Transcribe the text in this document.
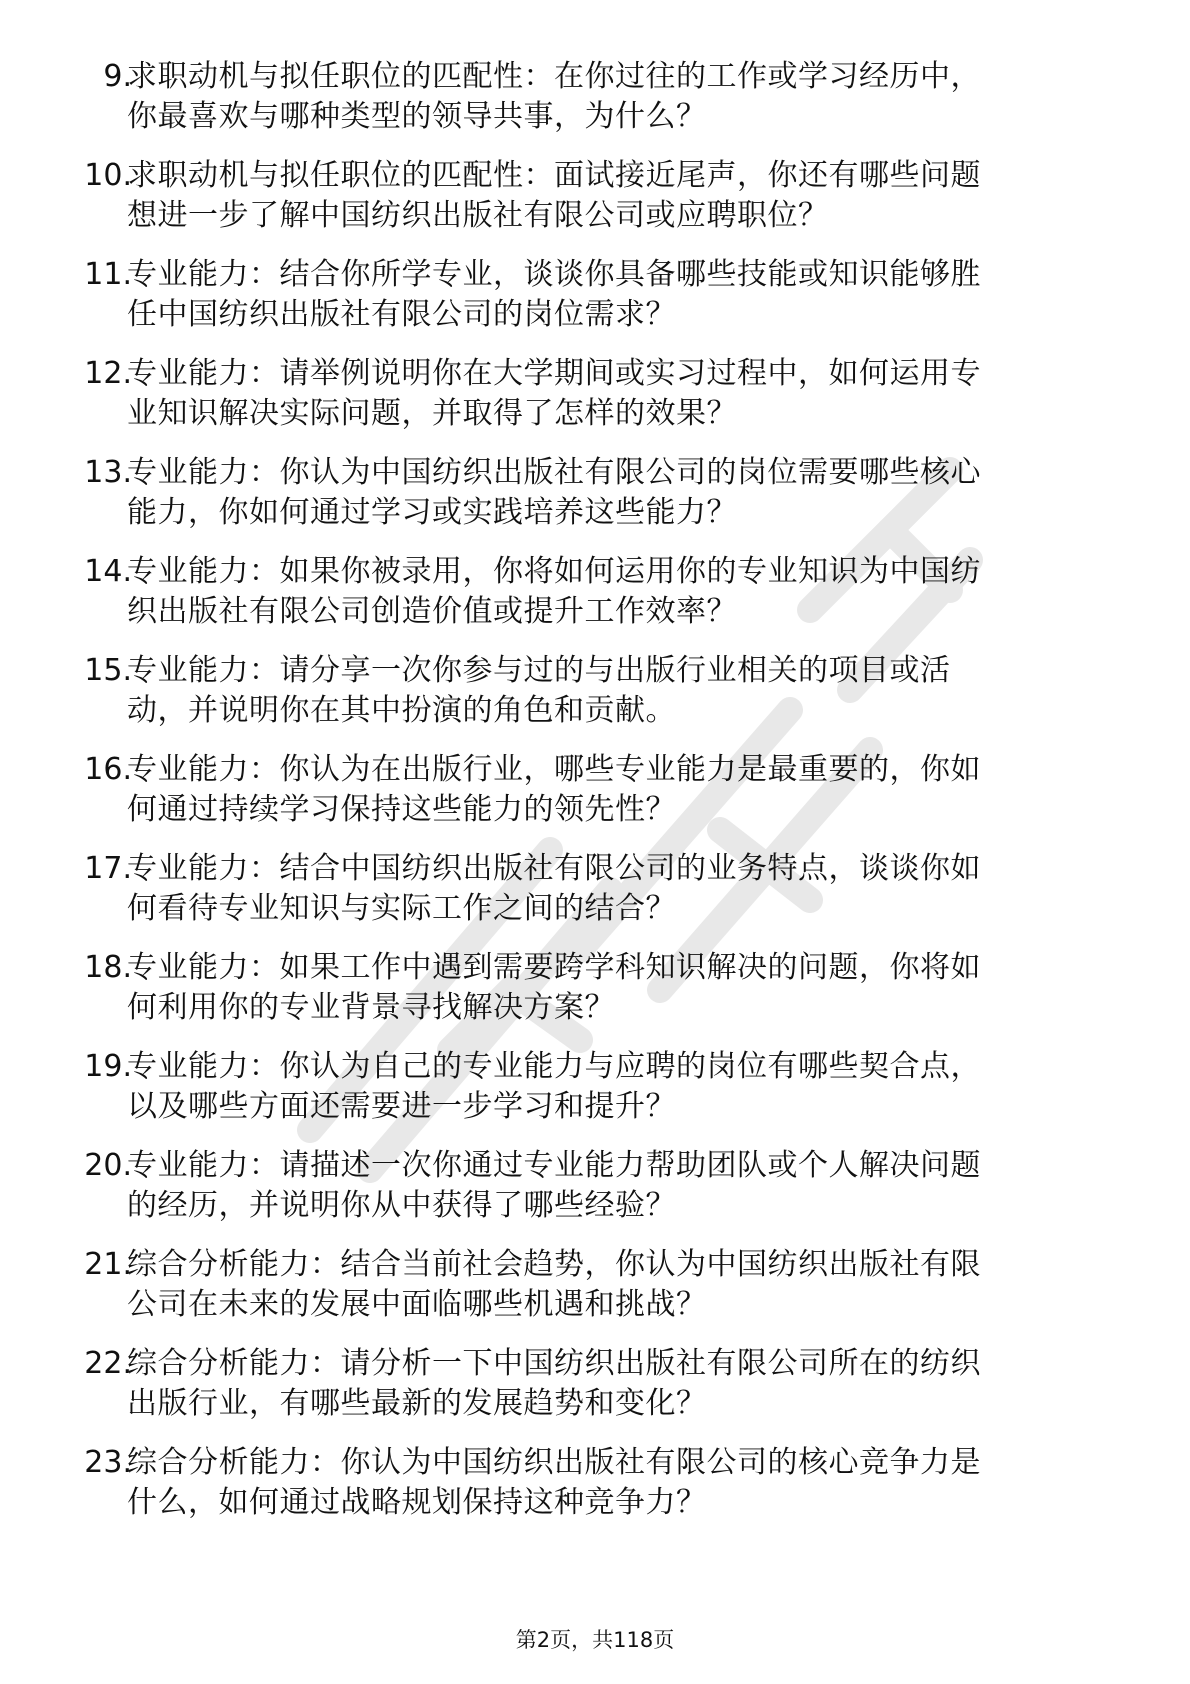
9.
求职动机与拟任职位的匹配性：在你过往的工作或学习经历中，
你最喜欢与哪种类型的领导共事，为什么？
10.
求职动机与拟任职位的匹配性：面试接近尾声，你还有哪些问题
想进一步了解中国纺织出版社有限公司或应聘职位？
11.
专业能力：结合你所学专业，谈谈你具备哪些技能或知识能够胜
任中国纺织出版社有限公司的岗位需求？
12.
专业能力：请举例说明你在大学期间或实习过程中，如何运用专
业知识解决实际问题，并取得了怎样的效果？
13.
专业能力：你认为中国纺织出版社有限公司的岗位需要哪些核心
能力，你如何通过学习或实践培养这些能力？
14.
专业能力：如果你被录用，你将如何运用你的专业知识为中国纺
织出版社有限公司创造价值或提升工作效率？
15.
专业能力：请分享一次你参与过的与出版行业相关的项目或活
动，并说明你在其中扮演的角色和贡献。
16.
专业能力：你认为在出版行业，哪些专业能力是最重要的，你如
何通过持续学习保持这些能力的领先性？
17.
专业能力：结合中国纺织出版社有限公司的业务特点，谈谈你如
何看待专业知识与实际工作之间的结合？
18.
专业能力：如果工作中遇到需要跨学科知识解决的问题，你将如
何利用你的专业背景寻找解决方案？
19.
专业能力：你认为自己的专业能力与应聘的岗位有哪些契合点，
以及哪些方面还需要进一步学习和提升？
20.
专业能力：请描述一次你通过专业能力帮助团队或个人解决问题
的经历，并说明你从中获得了哪些经验？
21.
综合分析能力：结合当前社会趋势，你认为中国纺织出版社有限
公司在未来的发展中面临哪些机遇和挑战？
22.
综合分析能力：请分析一下中国纺织出版社有限公司所在的纺织
出版行业，有哪些最新的发展趋势和变化？
23.
综合分析能力：你认为中国纺织出版社有限公司的核心竞争力是
什么，如何通过战略规划保持这种竞争力？
第2页，共118页
